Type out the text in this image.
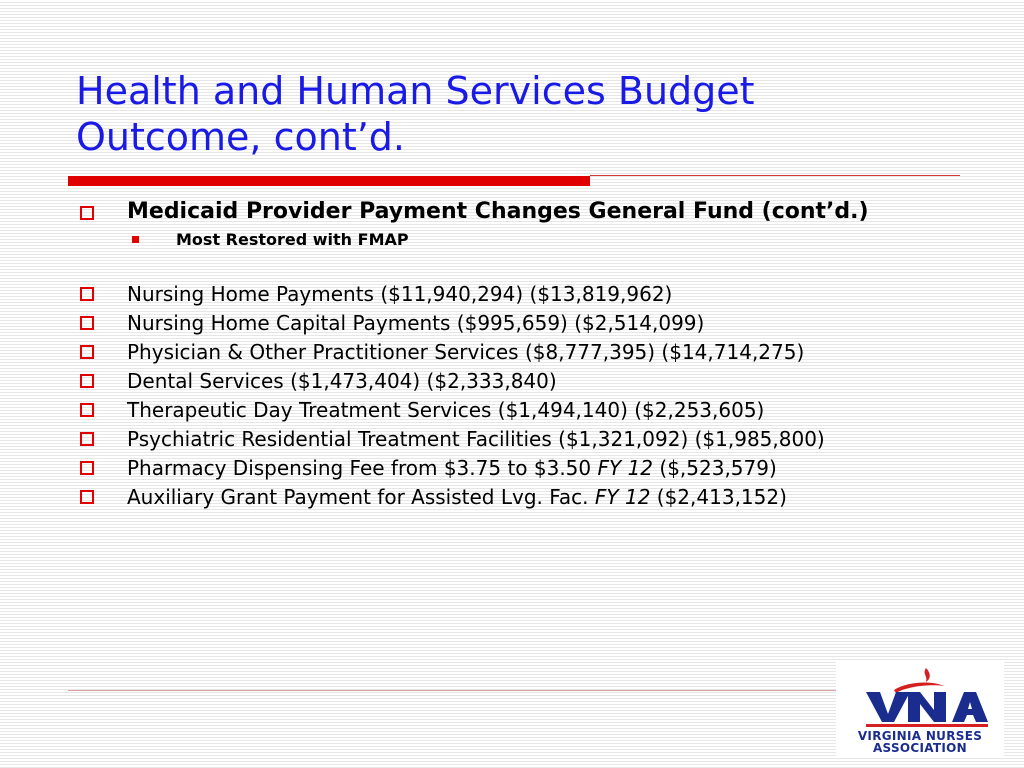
Health and Human Services Budget
Outcome, cont’d.
Medicaid Provider Payment Changes General Fund (cont’d.)
Most Restored with FMAP
Nursing Home Payments ($11,940,294) ($13,819,962)
Nursing Home Capital Payments ($995,659) ($2,514,099)
Physician & Other Practitioner Services ($8,777,395) ($14,714,275)
Dental Services ($1,473,404) ($2,333,840)
Therapeutic Day Treatment Services ($1,494,140) ($2,253,605)
Psychiatric Residential Treatment Facilities ($1,321,092) ($1,985,800)
Pharmacy Dispensing Fee from $3.75 to $3.50 FY 12 ($,523,579)
Auxiliary Grant Payment for Assisted Lvg. Fac. FY 12 ($2,413,152)
VIRGINIA NURSES
ASSOCIATION
